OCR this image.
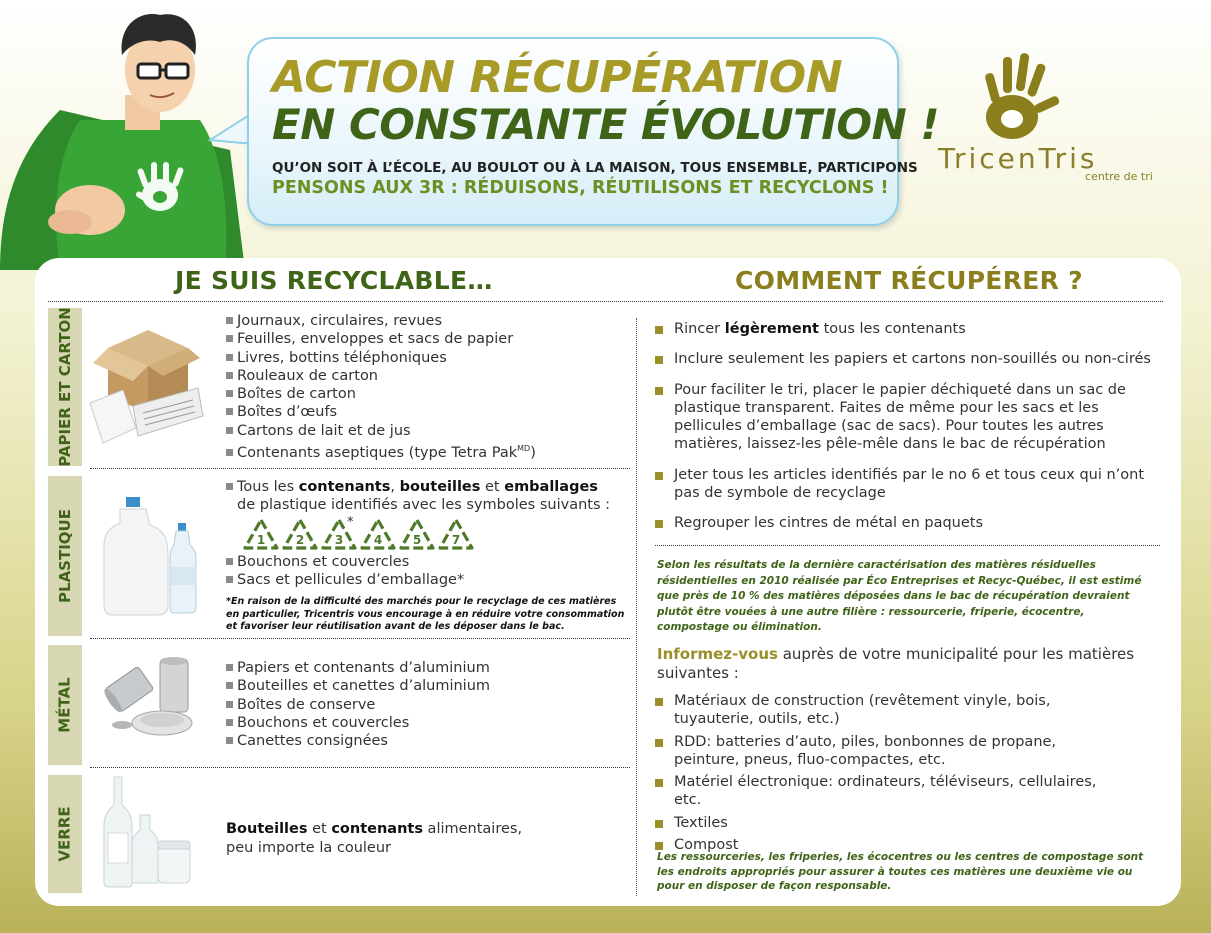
ACTION RÉCUPÉRATION
EN CONSTANTE ÉVOLUTION !
QU’ON SOIT À L’ÉCOLE, AU BOULOT OU À LA MAISON, TOUS ENSEMBLE, PARTICIPONS
PENSONS AUX 3R : RÉDUISONS, RÉUTILISONS ET RECYCLONS !
TricenTris
centre de tri
JE SUIS RECYCLABLE…	COMMENT RÉCUPÉRER ?
PAPIER ET CARTON
PLASTIQUE
MÉTAL
VERRE
Journaux, circulaires, revues
Feuilles, enveloppes et sacs de papier
Livres, bottins téléphoniques
Rouleaux de carton
Boîtes de carton
Boîtes d’œufs
Cartons de lait et de jus
Contenants aseptiques (type Tetra Pak$^{MD}$)
Tous les contenants, bouteilles et emballages
de plastique identifiés avec les symboles suivants :
1	2	3	4	5	7
*
Bouchons et couvercles
Sacs et pellicules d’emballage*
*En raison de la difficulté des marchés pour le recyclage de ces matières en particulier, Tricentris vous encourage à en réduire votre consommation et favoriser leur réutilisation avant de les déposer dans le bac.
Papiers et contenants d’aluminium
Bouteilles et canettes d’aluminium
Boîtes de conserve
Bouchons et couvercles
Canettes consignées
Bouteilles et contenants alimentaires,
peu importe la couleur
Rincer légèrement tous les contenants
Inclure seulement les papiers et cartons non-souillés ou non-cirés
Pour faciliter le tri, placer le papier déchiqueté dans un sac de plastique transparent. Faites de même pour les sacs et les pellicules d’emballage (sac de sacs). Pour toutes les autres matières, laissez-les pêle-mêle dans le bac de récupération
Jeter tous les articles identifiés par le no 6 et tous ceux qui n’ont pas de symbole de recyclage
Regrouper les cintres de métal en paquets
Selon les résultats de la dernière caractérisation des matières résiduelles résidentielles en 2010 réalisée par Éco Entreprises et Recyc-Québec, il est estimé que près de 10 % des matières déposées dans le bac de récupération devraient plutôt être vouées à une autre filière : ressourcerie, friperie, écocentre, compostage ou élimination.
Informez-vous auprès de votre municipalité pour les matières suivantes :
Matériaux de construction (revêtement vinyle, bois, tuyauterie, outils, etc.)
RDD: batteries d’auto, piles, bonbonnes de propane, peinture, pneus, fluo-compactes, etc.
Matériel électronique: ordinateurs, téléviseurs, cellulaires, etc.
Textiles
Compost
Les ressourceries, les friperies, les écocentres ou les centres de compostage sont les endroits appropriés pour assurer à toutes ces matières une deuxième vie ou pour en disposer de façon responsable.
